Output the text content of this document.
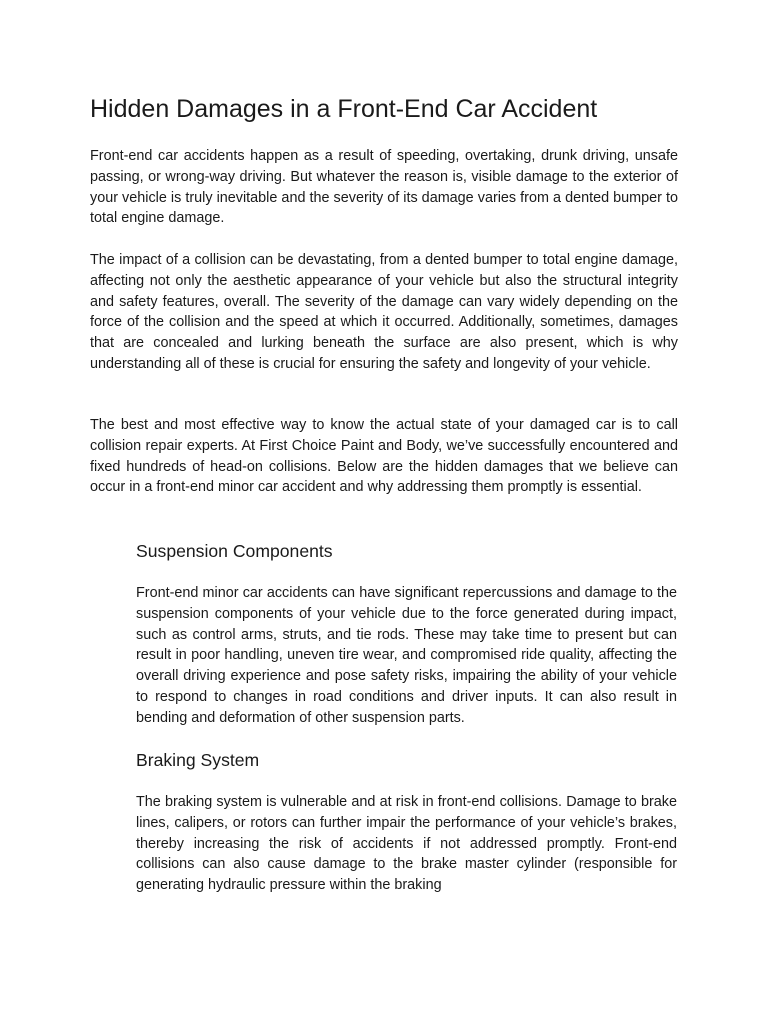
Hidden Damages in a Front-End Car Accident

Front-end car accidents happen as a result of speeding, overtaking, drunk driving, unsafe passing, or wrong-way driving. But whatever the reason is, visible damage to the exterior of your vehicle is truly inevitable and the severity of its damage varies from a dented bumper to total engine damage.

The impact of a collision can be devastating, from a dented bumper to total engine damage, affecting not only the aesthetic appearance of your vehicle but also the structural integrity and safety features, overall. The severity of the damage can vary widely depending on the force of the collision and the speed at which it occurred. Additionally, sometimes, damages that are concealed and lurking beneath the surface are also present, which is why understanding all of these is crucial for ensuring the safety and longevity of your vehicle.

The best and most effective way to know the actual state of your damaged car is to call collision repair experts. At First Choice Paint and Body, we’ve successfully encountered and fixed hundreds of head-on collisions. Below are the hidden damages that we believe can occur in a front-end minor car accident and why addressing them promptly is essential.

Suspension Components

Front-end minor car accidents can have significant repercussions and damage to the suspension components of your vehicle due to the force generated during impact, such as control arms, struts, and tie rods. These may take time to present but can result in poor handling, uneven tire wear, and compromised ride quality, affecting the overall driving experience and pose safety risks, impairing the ability of your vehicle to respond to changes in road conditions and driver inputs. It can also result in bending and deformation of other suspension parts.

Braking System

The braking system is vulnerable and at risk in front-end collisions. Damage to brake lines, calipers, or rotors can further impair the performance of your vehicle’s brakes, thereby increasing the risk of accidents if not addressed promptly. Front-end collisions can also cause damage to the brake master cylinder (responsible for generating hydraulic pressure within the braking
